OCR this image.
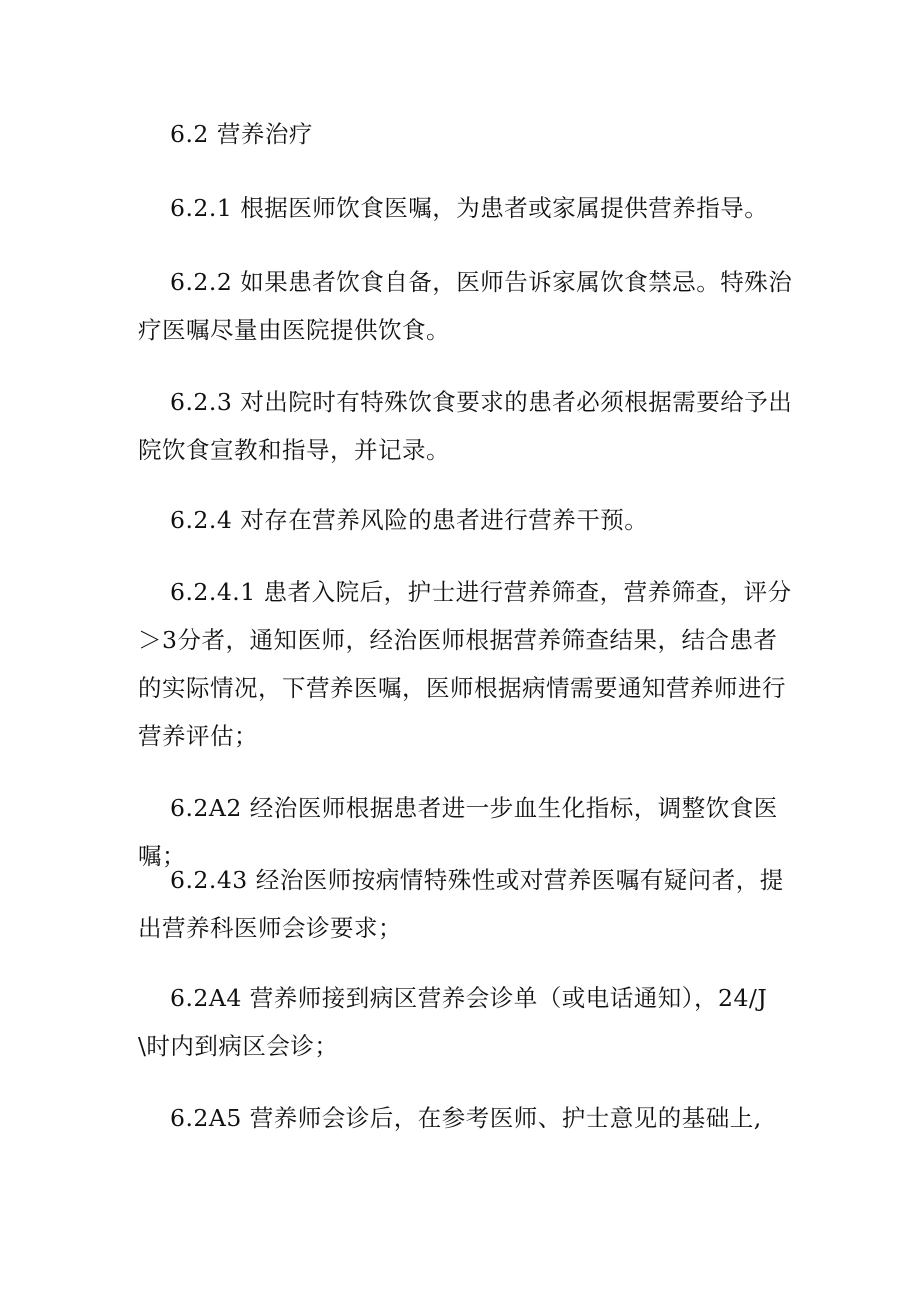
6.2 营养治疗
6.2.1 根据医师饮食医嘱，为患者或家属提供营养指导。
6.2.2 如果患者饮食自备，医师告诉家属饮食禁忌。特殊治疗医嘱尽量由医院提供饮食。
6.2.3 对出院时有特殊饮食要求的患者必须根据需要给予出院饮食宣教和指导，并记录。
6.2.4 对存在营养风险的患者进行营养干预。
6.2.4.1 患者入院后，护士进行营养筛查，营养筛查，评分＞3分者，通知医师，经治医师根据营养筛查结果，结合患者的实际情况，下营养医嘱，医师根据病情需要通知营养师进行营养评估；
6.2A2 经治医师根据患者进一步血生化指标，调整饮食医嘱；
6.2.43 经治医师按病情特殊性或对营养医嘱有疑问者，提出营养科医师会诊要求；
6.2A4 营养师接到病区营养会诊单（或电话通知），24/J\时内到病区会诊；
6.2A5 营养师会诊后，在参考医师、护士意见的基础上,
